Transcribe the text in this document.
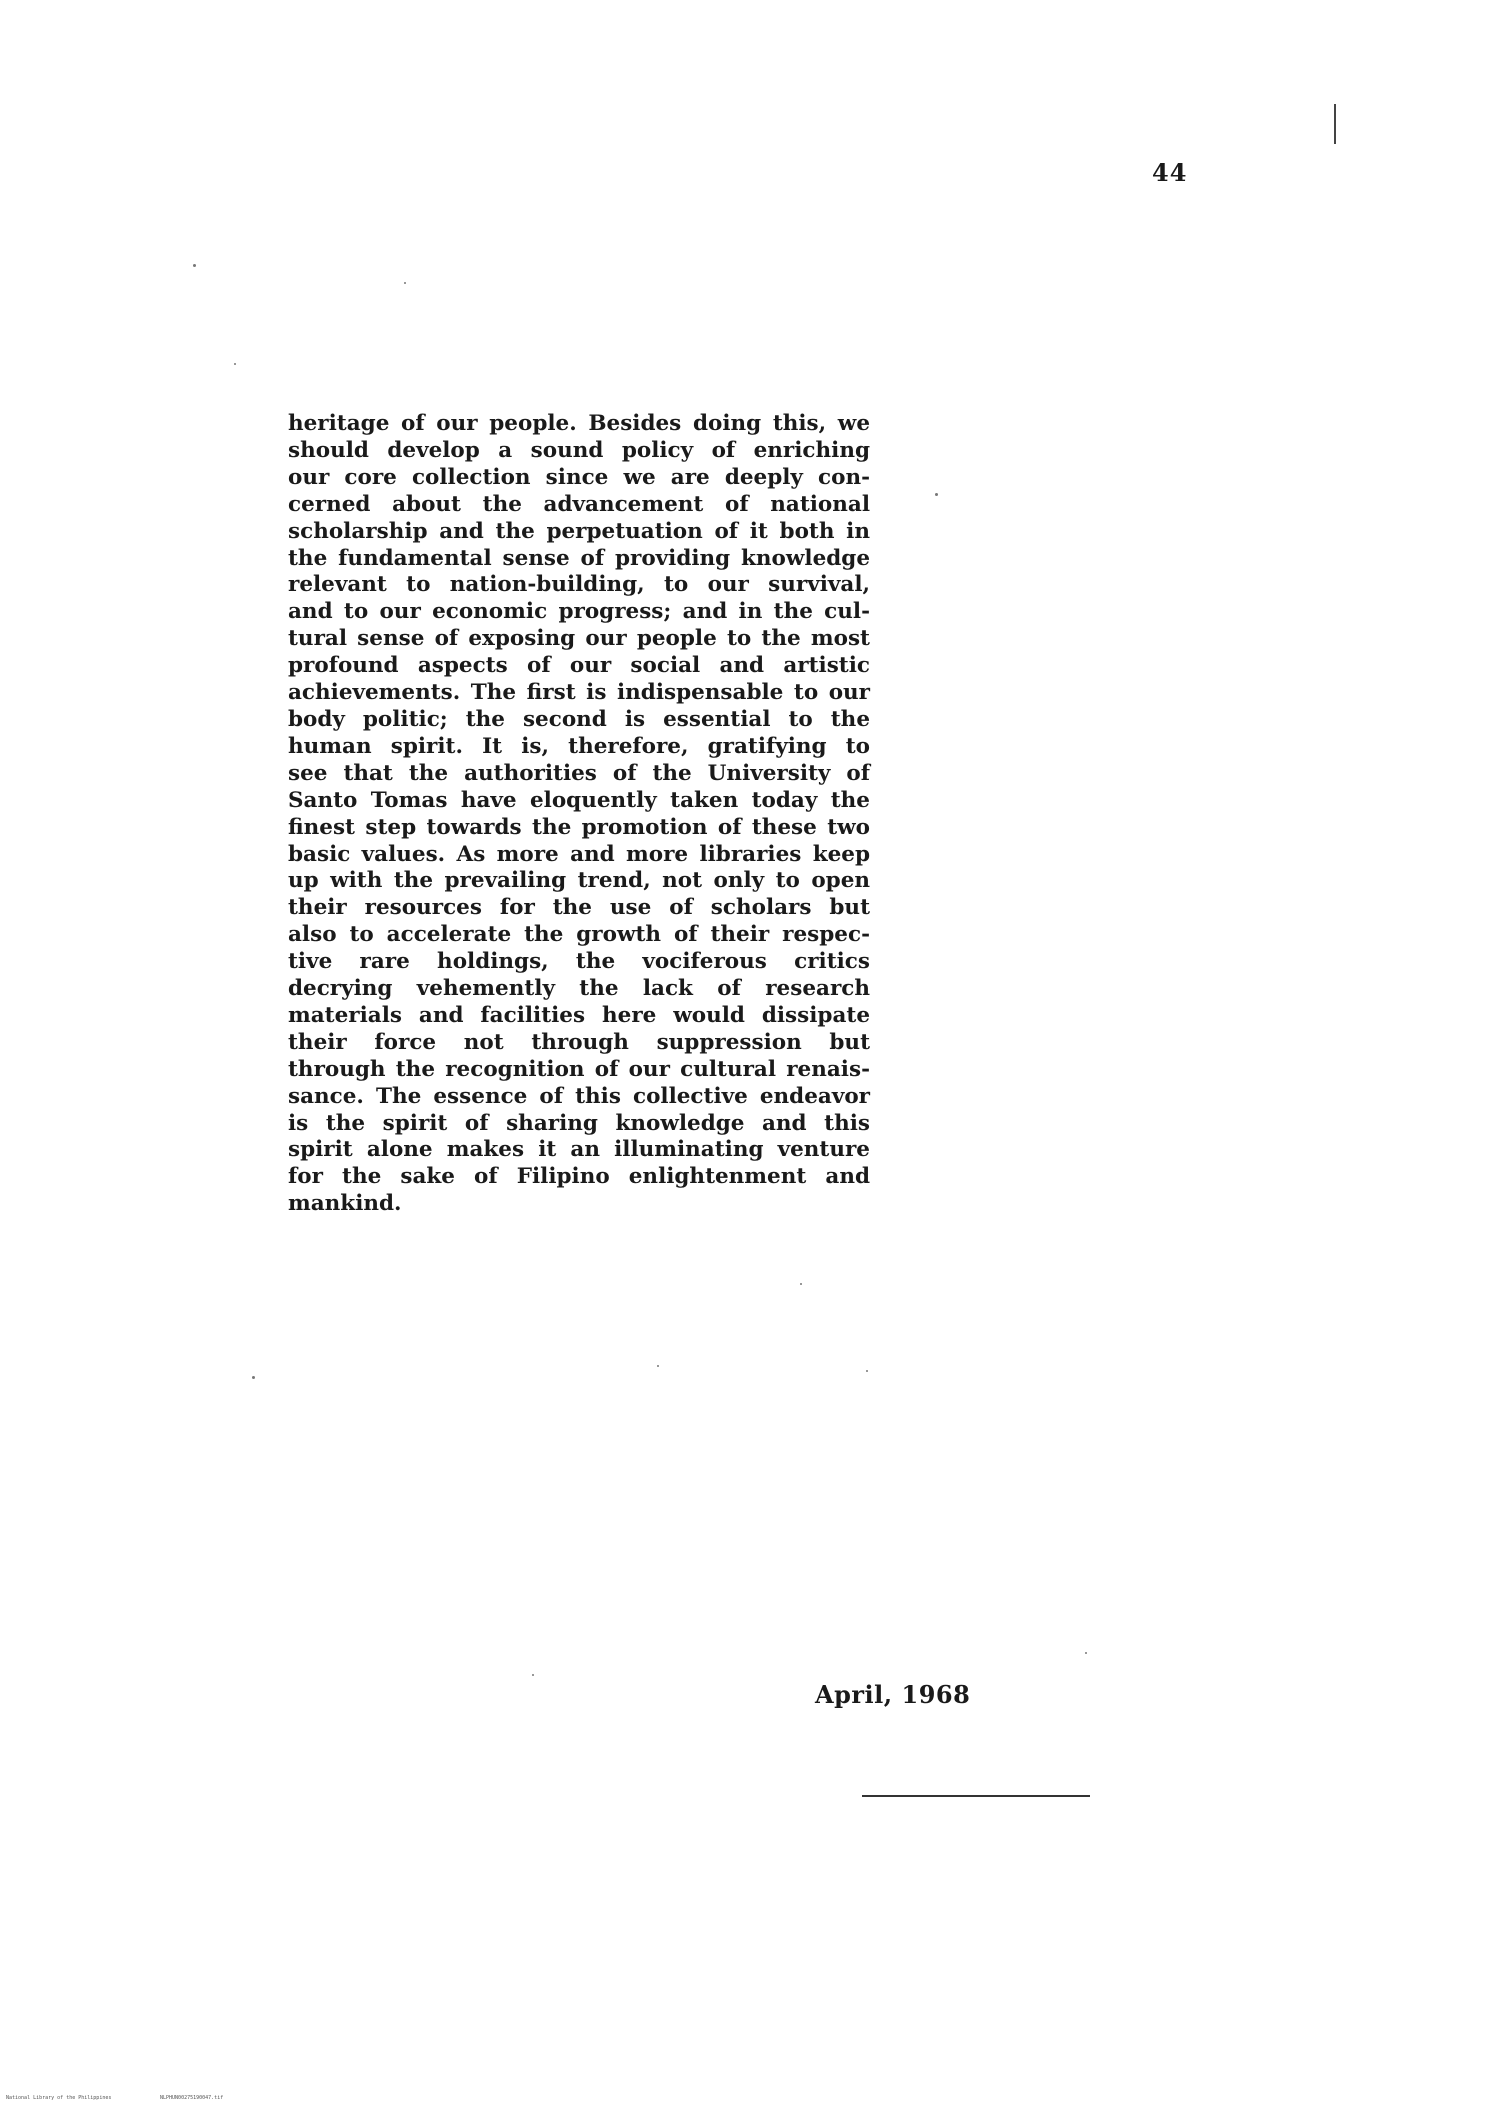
44
heritage of our people. Besides doing this, we
should develop a sound policy of enriching
our core collection since we are deeply con-
cerned about the advancement of national
scholarship and the perpetuation of it both in
the fundamental sense of providing knowledge
relevant to nation-building, to our survival,
and to our economic progress; and in the cul-
tural sense of exposing our people to the most
profound aspects of our social and artistic
achievements. The first is indispensable to our
body politic; the second is essential to the
human spirit. It is, therefore, gratifying to
see that the authorities of the University of
Santo Tomas have eloquently taken today the
finest step towards the promotion of these two
basic values. As more and more libraries keep
up with the prevailing trend, not only to open
their resources for the use of scholars but
also to accelerate the growth of their respec-
tive rare holdings, the vociferous critics
decrying vehemently the lack of research
materials and facilities here would dissipate
their force not through suppression but
through the recognition of our cultural renais-
sance. The essence of this collective endeavor
is the spirit of sharing knowledge and this
spirit alone makes it an illuminating venture
for the sake of Filipino enlightenment and
mankind.
April, 1968
National Library of the Philippines	NLPHUN00275190047.tif
